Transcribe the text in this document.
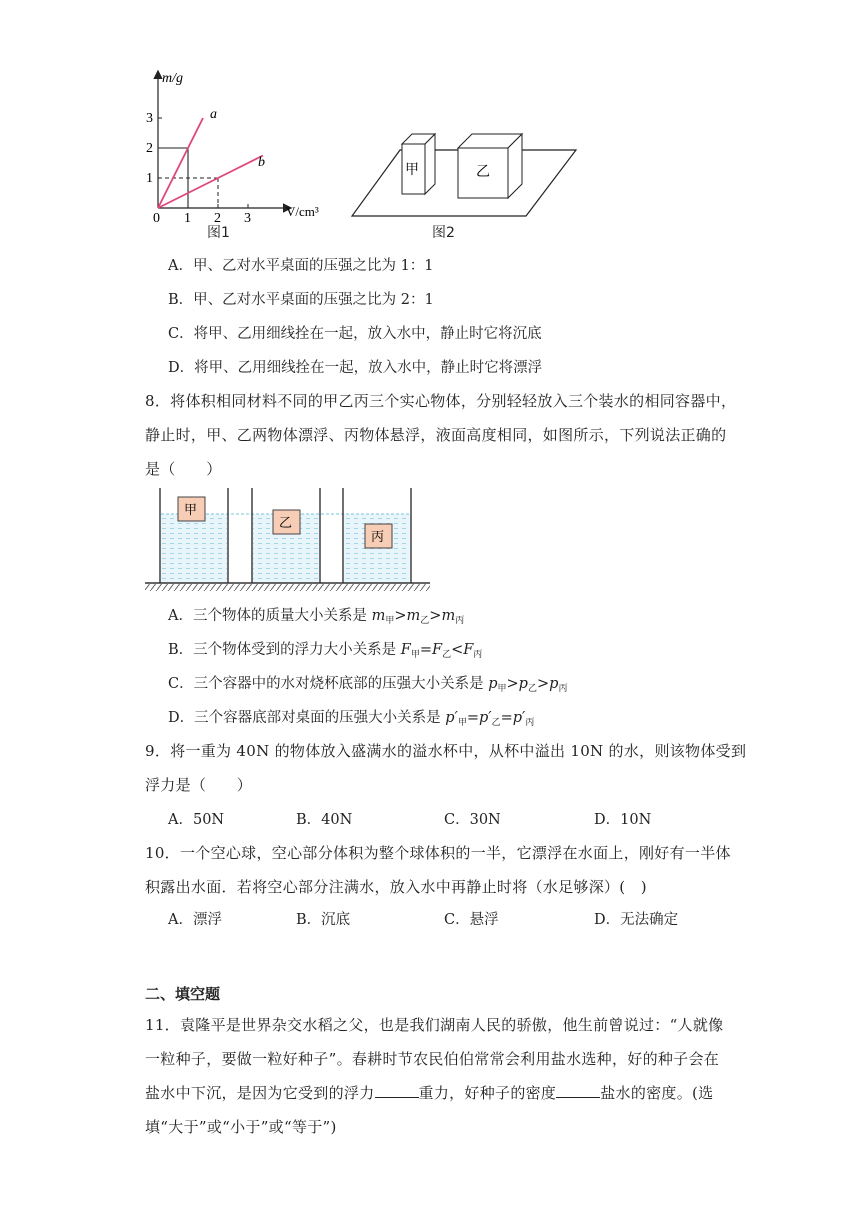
3
2
1
0 1 2 3
m/g
V/cm³
a
b
图1
甲	乙
图2
A．甲、乙对水平桌面的压强之比为 1：1
B．甲、乙对水平桌面的压强之比为 2：1
C．将甲、乙用细线拴在一起，放入水中，静止时它将沉底
D．将甲、乙用细线拴在一起，放入水中，静止时它将漂浮
8．将体积相同材料不同的甲乙丙三个实心物体，分别轻轻放入三个装水的相同容器中，
静止时，甲、乙两物体漂浮、丙物体悬浮，液面高度相同，如图所示，下列说法正确的
是（　　）
甲
乙
丙
A．三个物体的质量大小关系是 $m_甲>m_乙>m_丙$
B．三个物体受到的浮力大小关系是 $F_甲=F_乙<F_丙$
C．三个容器中的水对烧杯底部的压强大小关系是 $p_甲>p_乙>p_丙$
D．三个容器底部对桌面的压强大小关系是 $p'_甲=p'_乙=p'_丙$
9．将一重为 40N 的物体放入盛满水的溢水杯中，从杯中溢出 10N 的水，则该物体受到
浮力是（　　）
A．50N	B．40N	C．30N	D．10N
10．一个空心球，空心部分体积为整个球体积的一半，它漂浮在水面上，刚好有一半体
积露出水面．若将空心部分注满水，放入水中再静止时将（水足够深）(　)
A．漂浮	B．沉底	C．悬浮	D．无法确定
二、填空题
11．袁隆平是世界杂交水稻之父，也是我们湖南人民的骄傲，他生前曾说过：“人就像
一粒种子，要做一粒好种子”。春耕时节农民伯伯常常会利用盐水选种，好的种子会在
盐水中下沉，是因为它受到的浮力	重力，好种子的密度	盐水的密度。(选
填“大于”或“小于”或“等于”)
